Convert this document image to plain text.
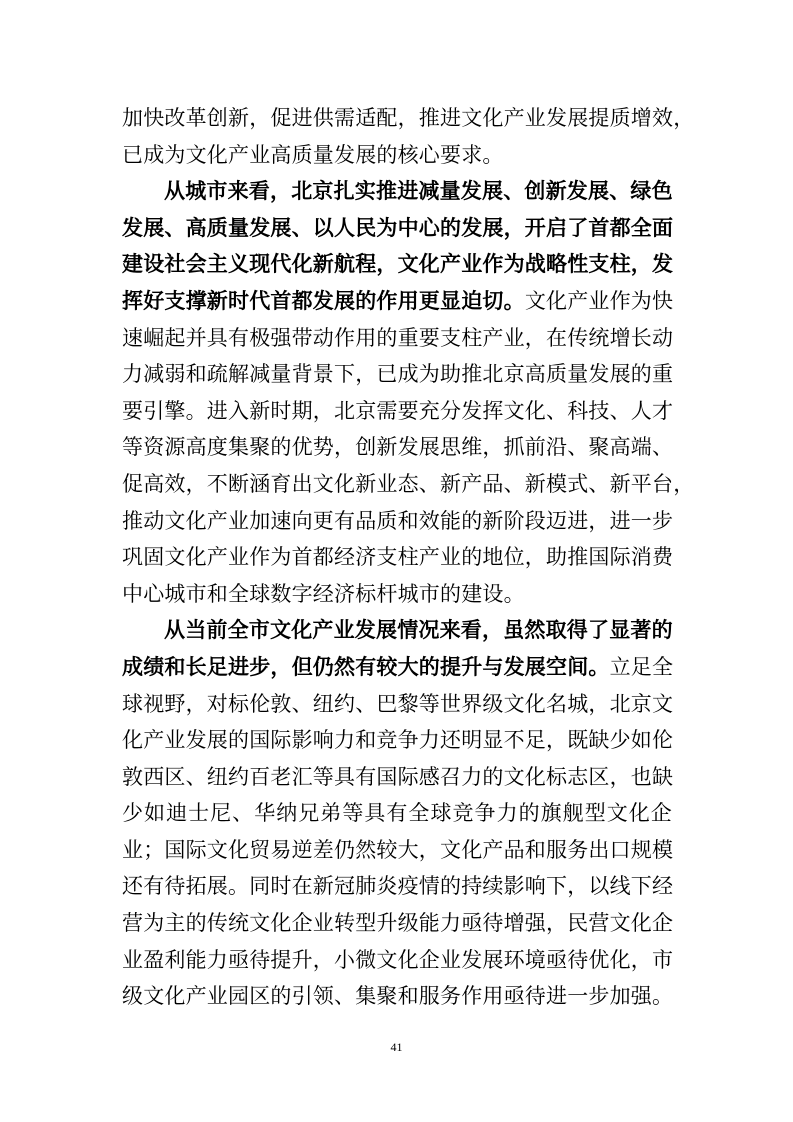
加快改革创新，促进供需适配，推进文化产业发展提质增效，
已成为文化产业高质量发展的核心要求。
从城市来看，北京扎实推进减量发展、创新发展、绿色
发展、高质量发展、以人民为中心的发展，开启了首都全面
建设社会主义现代化新航程，文化产业作为战略性支柱，发
挥好支撑新时代首都发展的作用更显迫切。文化产业作为快
速崛起并具有极强带动作用的重要支柱产业，在传统增长动
力减弱和疏解减量背景下，已成为助推北京高质量发展的重
要引擎。进入新时期，北京需要充分发挥文化、科技、人才
等资源高度集聚的优势，创新发展思维，抓前沿、聚高端、
促高效，不断涵育出文化新业态、新产品、新模式、新平台，
推动文化产业加速向更有品质和效能的新阶段迈进，进一步
巩固文化产业作为首都经济支柱产业的地位，助推国际消费
中心城市和全球数字经济标杆城市的建设。
从当前全市文化产业发展情况来看，虽然取得了显著的
成绩和长足进步，但仍然有较大的提升与发展空间。立足全
球视野，对标伦敦、纽约、巴黎等世界级文化名城，北京文
化产业发展的国际影响力和竞争力还明显不足，既缺少如伦
敦西区、纽约百老汇等具有国际感召力的文化标志区，也缺
少如迪士尼、华纳兄弟等具有全球竞争力的旗舰型文化企
业；国际文化贸易逆差仍然较大，文化产品和服务出口规模
还有待拓展。同时在新冠肺炎疫情的持续影响下，以线下经
营为主的传统文化企业转型升级能力亟待增强，民营文化企
业盈利能力亟待提升，小微文化企业发展环境亟待优化，市
级文化产业园区的引领、集聚和服务作用亟待进一步加强。
41
